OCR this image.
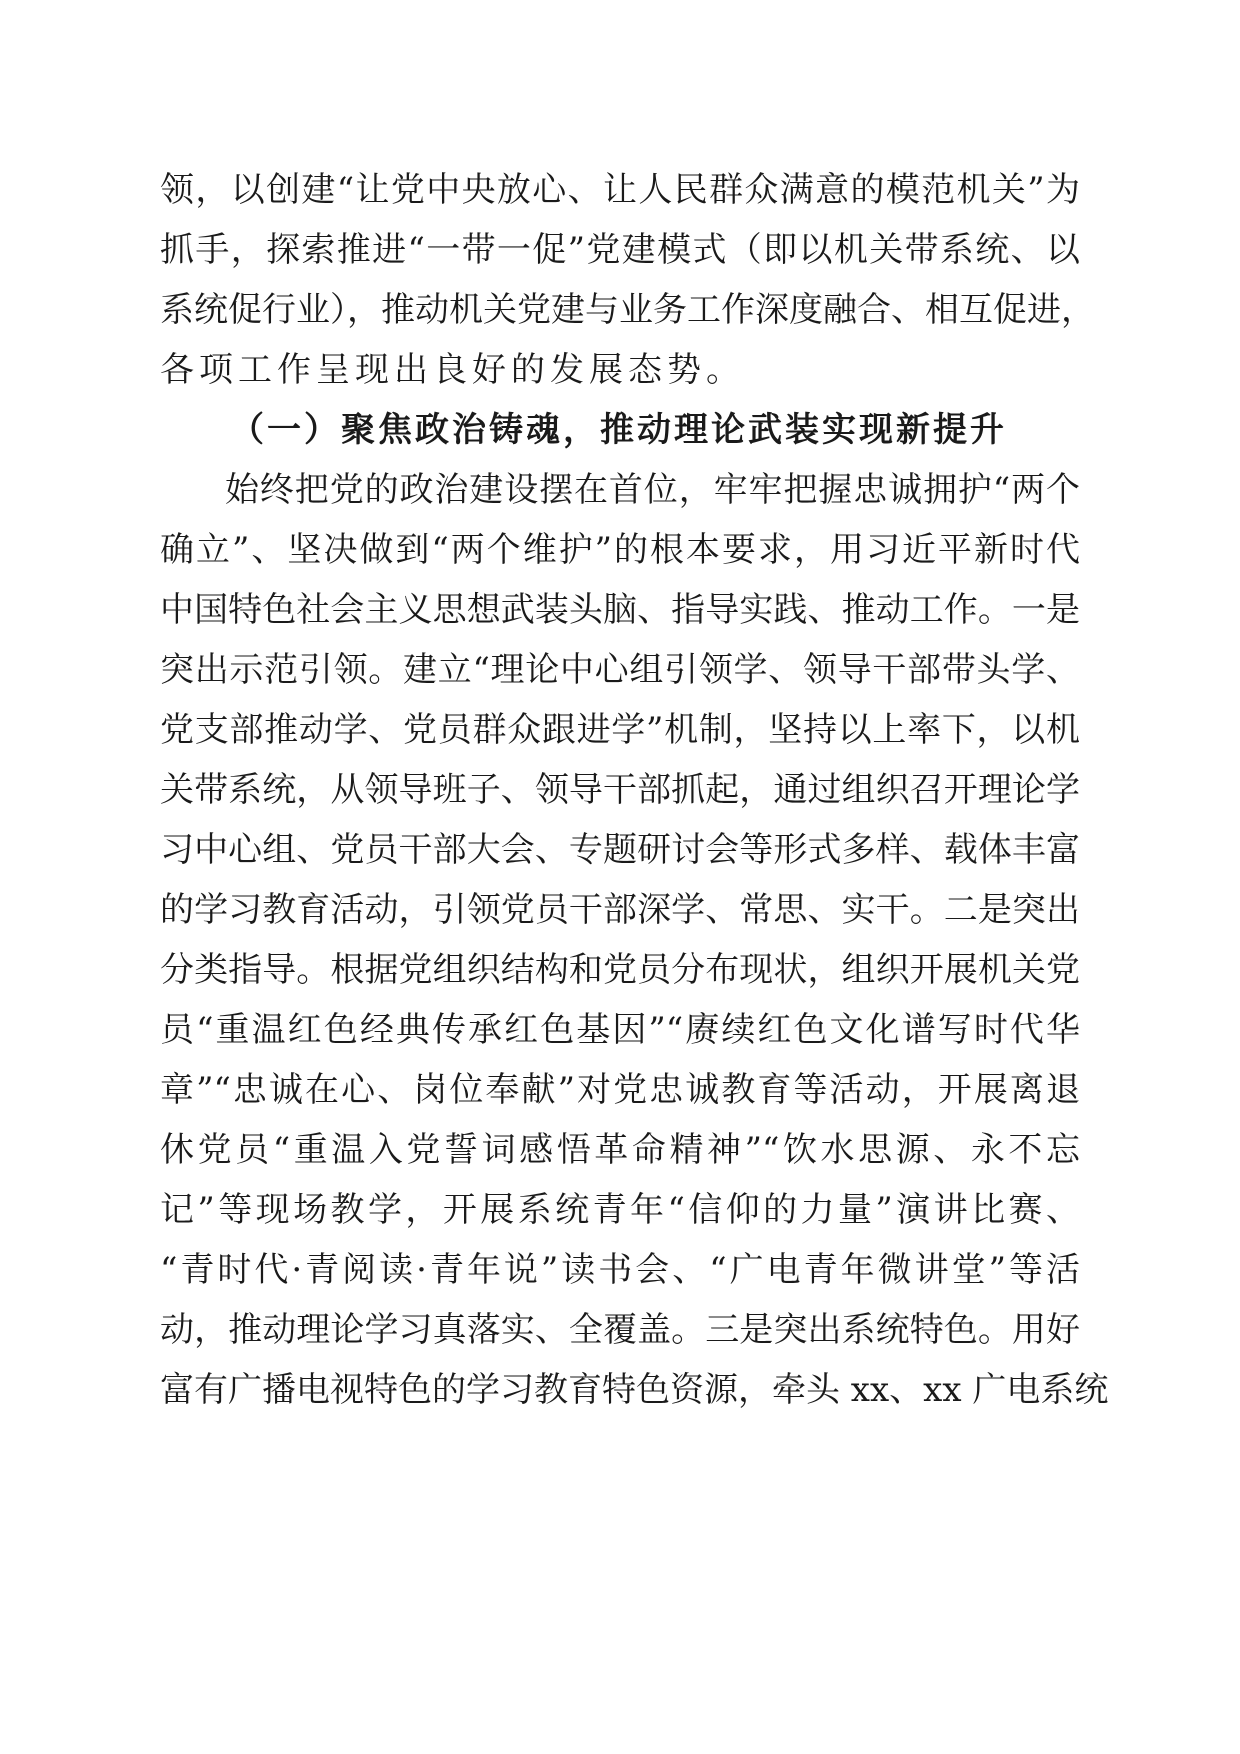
领，以创建“让党中央放心、让人民群众满意的模范机关”为
抓手，探索推进“一带一促”党建模式（即以机关带系统、以
系统促行业），推动机关党建与业务工作深度融合、相互促进，
各项工作呈现出良好的发展态势。
（一）聚焦政治铸魂，推动理论武装实现新提升
始终把党的政治建设摆在首位，牢牢把握忠诚拥护“两个
确立”、坚决做到“两个维护”的根本要求，用习近平新时代
中国特色社会主义思想武装头脑、指导实践、推动工作。一是
突出示范引领。建立“理论中心组引领学、领导干部带头学、
党支部推动学、党员群众跟进学”机制，坚持以上率下，以机
关带系统，从领导班子、领导干部抓起，通过组织召开理论学
习中心组、党员干部大会、专题研讨会等形式多样、载体丰富
的学习教育活动，引领党员干部深学、常思、实干。二是突出
分类指导。根据党组织结构和党员分布现状，组织开展机关党
员“重温红色经典传承红色基因”“赓续红色文化谱写时代华
章”“忠诚在心、岗位奉献”对党忠诚教育等活动，开展离退
休党员“重温入党誓词感悟革命精神”“饮水思源、永不忘
记”等现场教学，开展系统青年“信仰的力量”演讲比赛、
“青时代·青阅读·青年说”读书会、“广电青年微讲堂”等活
动，推动理论学习真落实、全覆盖。三是突出系统特色。用好
富有广播电视特色的学习教育特色资源，牵头 xx、xx 广电系统
